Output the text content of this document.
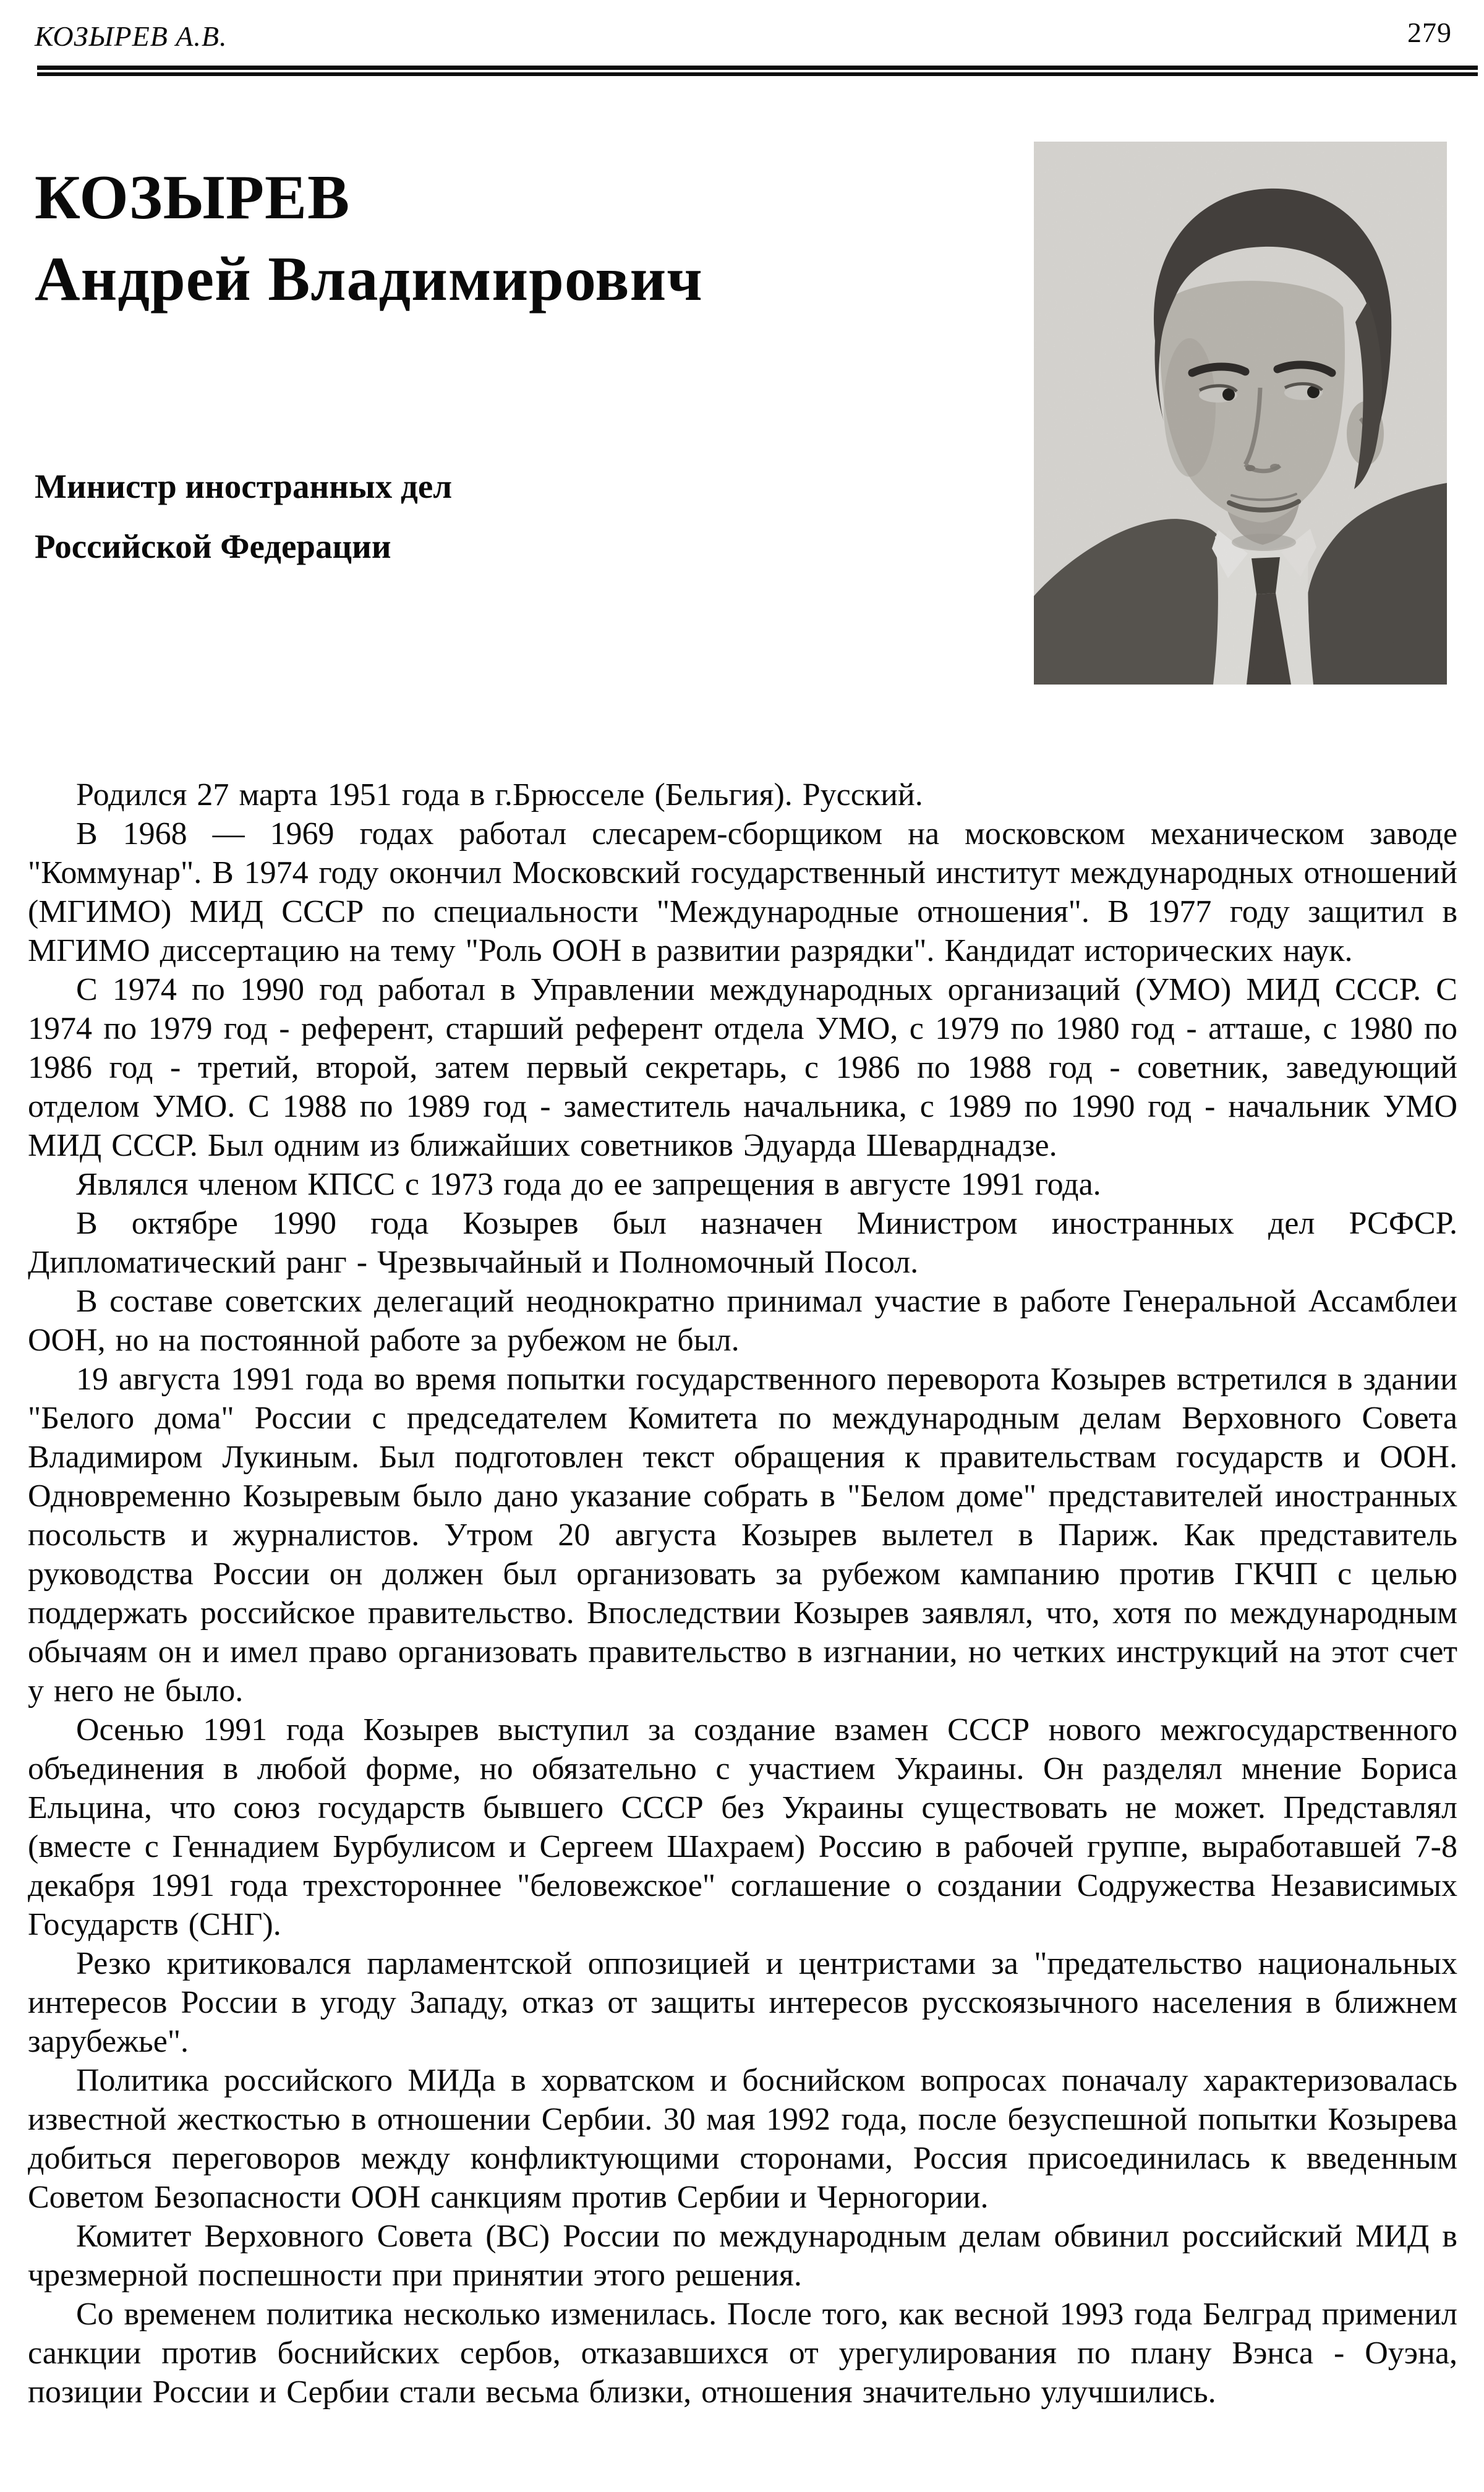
КОЗЫРЕВ А.В.	279
КОЗЫРЕВ
Андрей Владимирович
Министр иностранных дел
Российской Федерации

Родился 27 марта 1951 года в г.Брюсселе (Бельгия). Русский.

В 1968 — 1969 годах работал слесарем-сборщиком на московском механическом заводе "Коммунар". В 1974 году окончил Московский государственный институт международных отношений (МГИМО) МИД СССР по специальности "Международные отношения". В 1977 году защитил в МГИМО диссертацию на тему "Роль ООН в развитии разрядки". Кандидат исторических наук.

С 1974 по 1990 год работал в Управлении международных организаций (УМО) МИД СССР. С 1974 по 1979 год - референт, старший референт отдела УМО, с 1979 по 1980 год - атташе, с 1980 по 1986 год - третий, второй, затем первый секретарь, с 1986 по 1988 год - советник, заведующий отделом УМО. С 1988 по 1989 год - заместитель начальника, с 1989 по 1990 год - начальник УМО МИД СССР. Был одним из ближайших советников Эдуарда Шеварднадзе.

Являлся членом КПСС с 1973 года до ее запрещения в августе 1991 года.

В октябре 1990 года Козырев был назначен Министром иностранных дел РСФСР. Дипломатический ранг - Чрезвычайный и Полномочный Посол.

В составе советских делегаций неоднократно принимал участие в работе Генеральной Ассамблеи ООН, но на постоянной работе за рубежом не был.

19 августа 1991 года во время попытки государственного переворота Козырев встретился в здании "Белого дома" России с председателем Комитета по международным делам Верховного Совета Владимиром Лукиным. Был подготовлен текст обращения к правительствам государств и ООН. Одновременно Козыревым было дано указание собрать в "Белом доме" представителей иностранных посольств и журналистов. Утром 20 августа Козырев вылетел в Париж. Как представитель руководства России он должен был организовать за рубежом кампанию против ГКЧП с целью поддержать российское правительство. Впоследствии Козырев заявлял, что, хотя по международным обычаям он и имел право организовать правительство в изгнании, но четких инструкций на этот счет у него не было.

Осенью 1991 года Козырев выступил за создание взамен СССР нового межгосударственного объединения в любой форме, но обязательно с участием Украины. Он разделял мнение Бориса Ельцина, что союз государств бывшего СССР без Украины существовать не может. Представлял (вместе с Геннадием Бурбулисом и Сергеем Шахраем) Россию в рабочей группе, выработавшей 7-8 декабря 1991 года трехстороннее "беловежское" соглашение о создании Содружества Независимых Государств (СНГ).

Резко критиковался парламентской оппозицией и центристами за "предательство национальных интересов России в угоду Западу, отказ от защиты интересов русскоязычного населения в ближнем зарубежье".

Политика российского МИДа в хорватском и боснийском вопросах поначалу характеризовалась известной жесткостью в отношении Сербии. 30 мая 1992 года, после безуспешной попытки Козырева добиться переговоров между конфликтующими сторонами, Россия присоединилась к введенным Советом Безопасности ООН санкциям против Сербии и Черногории.

Комитет Верховного Совета (ВС) России по международным делам обвинил российский МИД в чрезмерной поспешности при принятии этого решения.

Со временем политика несколько изменилась. После того, как весной 1993 года Белград применил санкции против боснийских сербов, отказавшихся от урегулирования по плану Вэнса - Оуэна, позиции России и Сербии стали весьма близки, отношения значительно улучшились.
